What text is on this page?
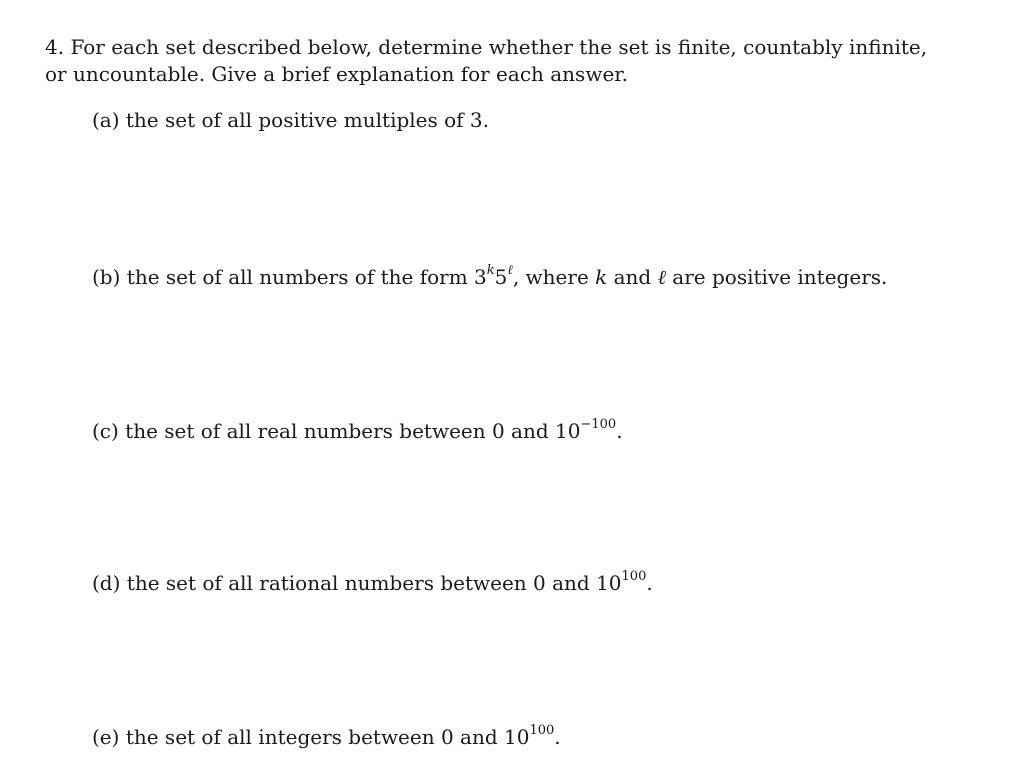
4. For each set described below, determine whether the set is finite, countably infinite, or uncountable. Give a brief explanation for each answer.

(a) the set of all positive multiples of 3.

(b) the set of all numbers of the form $3^k5^\ell$, where k and ℓ are positive integers.

(c) the set of all real numbers between 0 and $10^{-100}$.

(d) the set of all rational numbers between 0 and $10^{100}$.

(e) the set of all integers between 0 and $10^{100}$.
